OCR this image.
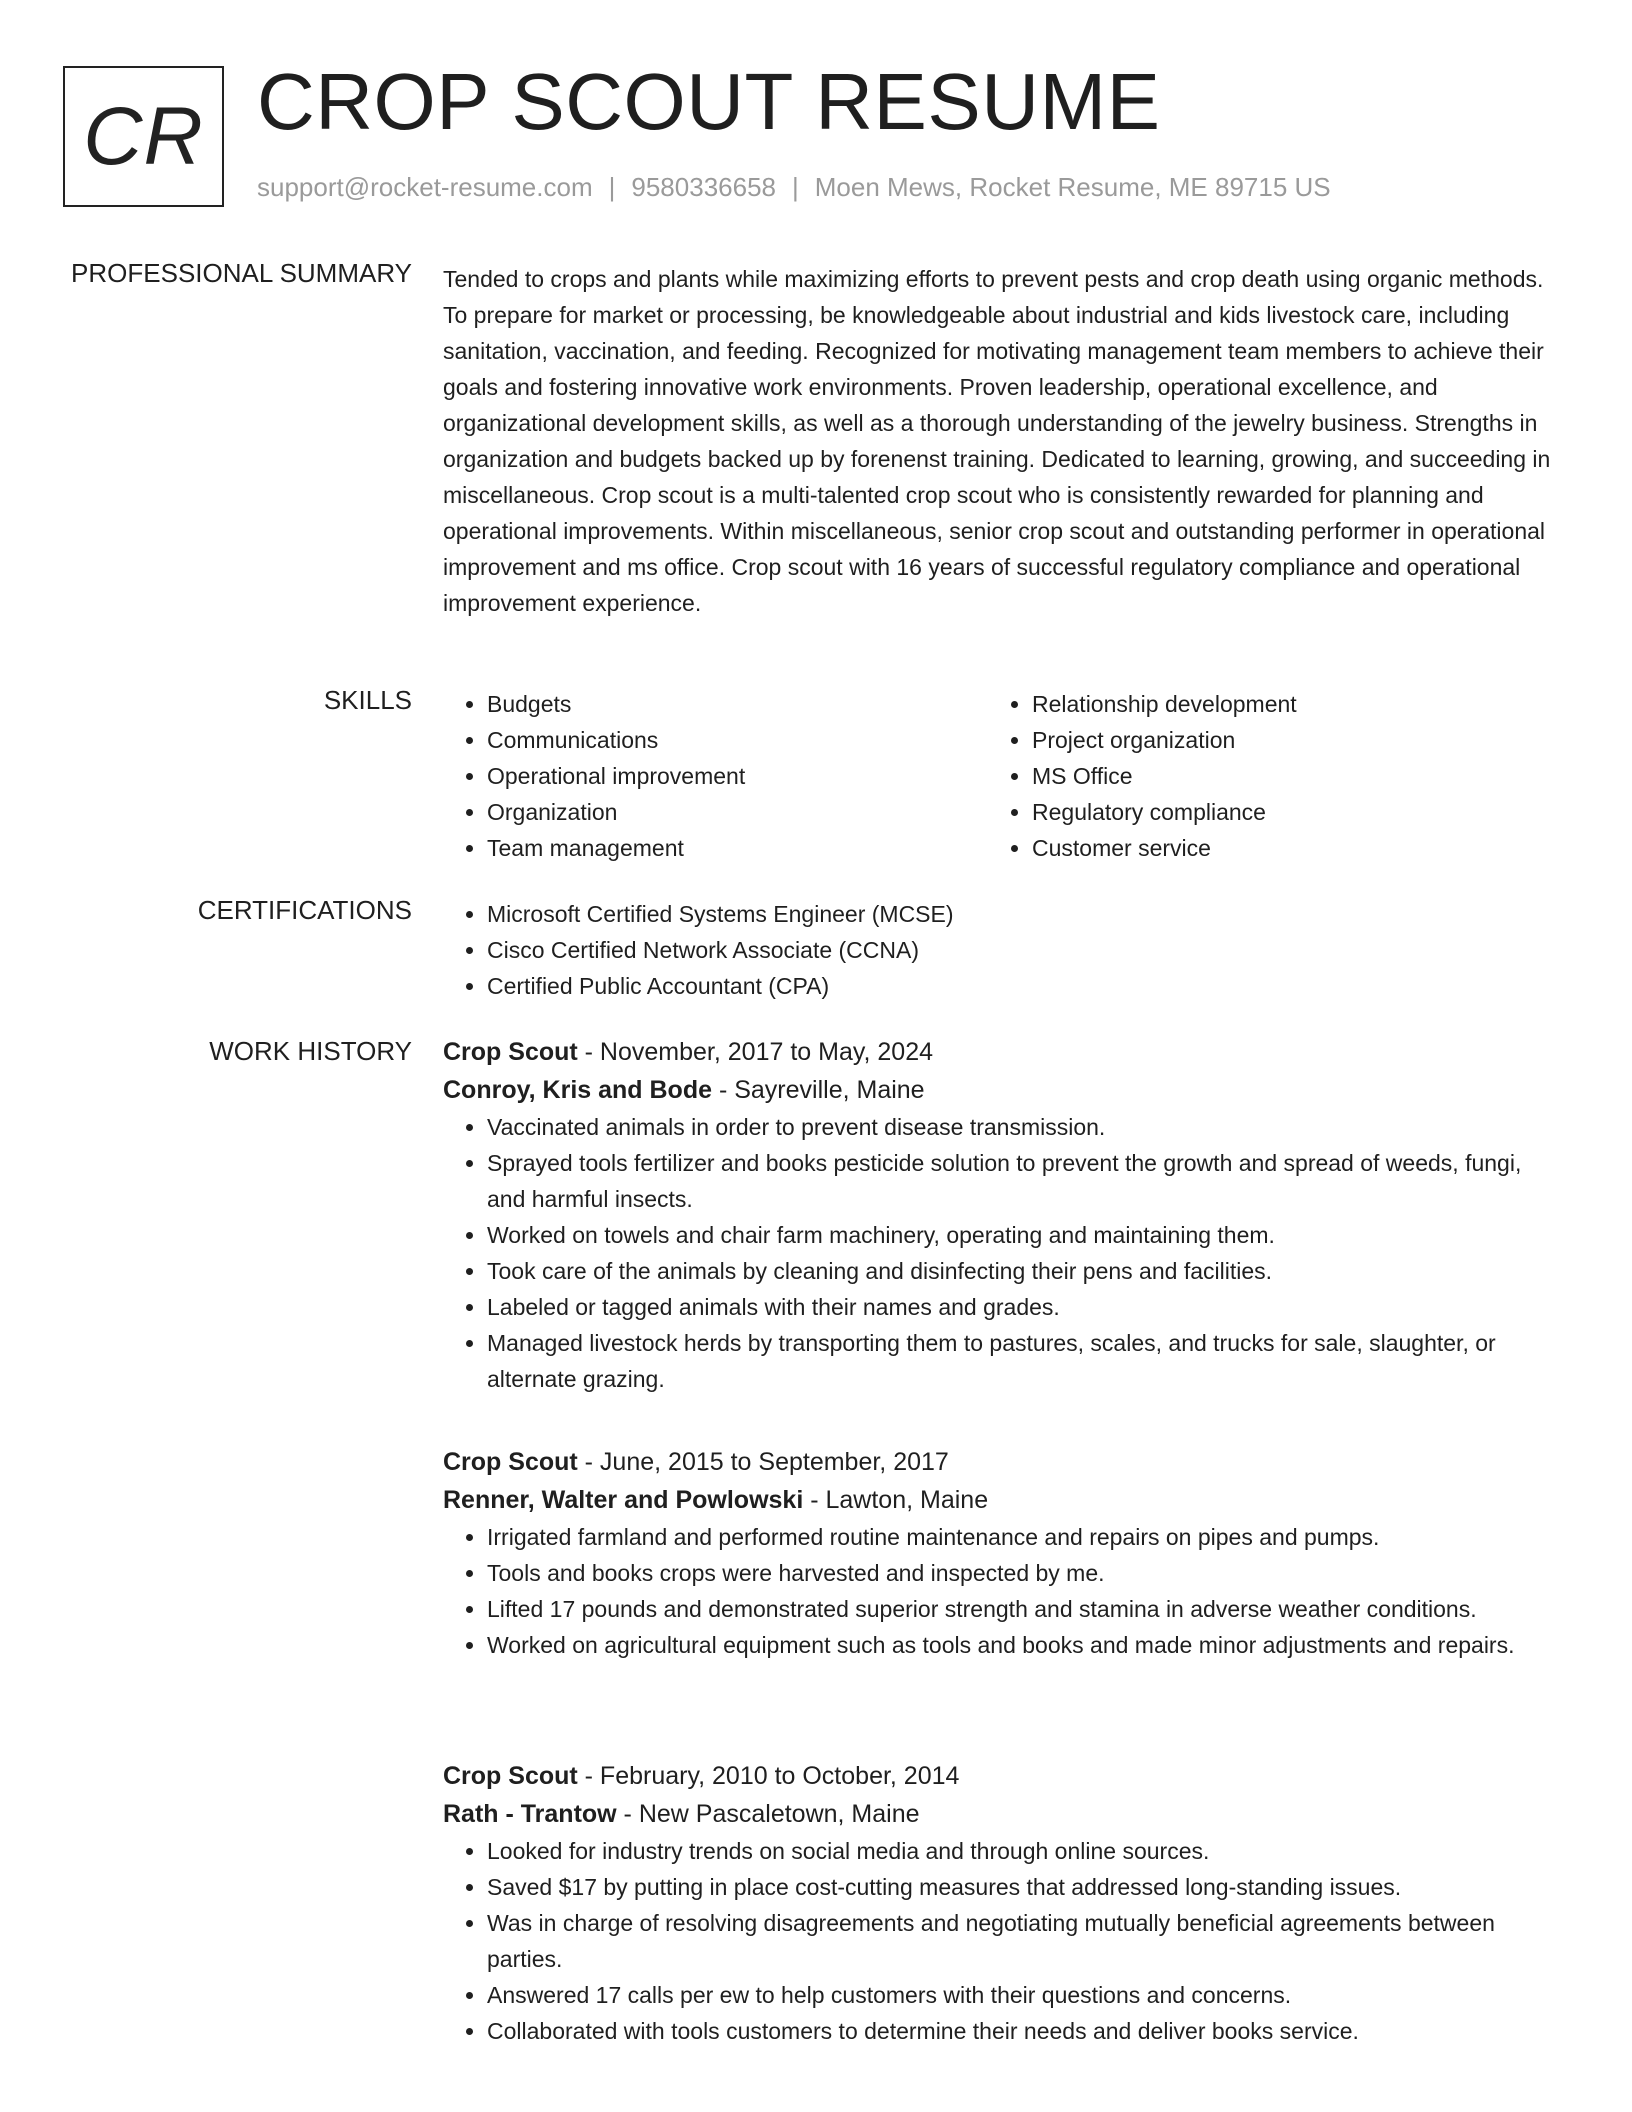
CR CROP SCOUT RESUME
support@rocket-resume.com | 9580336658 | Moen Mews, Rocket Resume, ME 89715 US
PROFESSIONAL SUMMARY Tended to crops and plants while maximizing efforts to prevent pests and crop death using organic methods. To prepare for market or processing, be knowledgeable about industrial and kids livestock care, including sanitation, vaccination, and feeding. Recognized for motivating management team members to achieve their goals and fostering innovative work environments. Proven leadership, operational excellence, and organizational development skills, as well as a thorough understanding of the jewelry business. Strengths in organization and budgets backed up by forenenst training. Dedicated to learning, growing, and succeeding in miscellaneous. Crop scout is a multi-talented crop scout who is consistently rewarded for planning and operational improvements. Within miscellaneous, senior crop scout and outstanding performer in operational improvement and ms office. Crop scout with 16 years of successful regulatory compliance and operational improvement experience.

SKILLS	• Budgets
• Communications
• Operational improvement
• Organization
• Team management
• Relationship development
• Project organization
• MS Office
• Regulatory compliance
• Customer service
CERTIFICATIONS	• Microsoft Certified Systems Engineer (MCSE)
• Cisco Certified Network Associate (CCNA)
• Certified Public Accountant (CPA)
WORK HISTORY Crop Scout - November, 2017 to May, 2024

Conroy, Kris and Bode - Sayreville, Maine

• Vaccinated animals in order to prevent disease transmission.
• Sprayed tools fertilizer and books pesticide solution to prevent the growth and spread of weeds, fungi, and harmful insects.
• Worked on towels and chair farm machinery, operating and maintaining them.
• Took care of the animals by cleaning and disinfecting their pens and facilities.
• Labeled or tagged animals with their names and grades.
• Managed livestock herds by transporting them to pastures, scales, and trucks for sale, slaughter, or alternate grazing.

Crop Scout - June, 2015 to September, 2017

Renner, Walter and Powlowski - Lawton, Maine

• Irrigated farmland and performed routine maintenance and repairs on pipes and pumps.
• Tools and books crops were harvested and inspected by me.
• Lifted 17 pounds and demonstrated superior strength and stamina in adverse weather conditions.
• Worked on agricultural equipment such as tools and books and made minor adjustments and repairs.

Crop Scout - February, 2010 to October, 2014

Rath - Trantow - New Pascaletown, Maine

• Looked for industry trends on social media and through online sources.
• Saved $17 by putting in place cost-cutting measures that addressed long-standing issues.
• Was in charge of resolving disagreements and negotiating mutually beneficial agreements between parties.
• Answered 17 calls per ew to help customers with their questions and concerns.
• Collaborated with tools customers to determine their needs and deliver books service.
